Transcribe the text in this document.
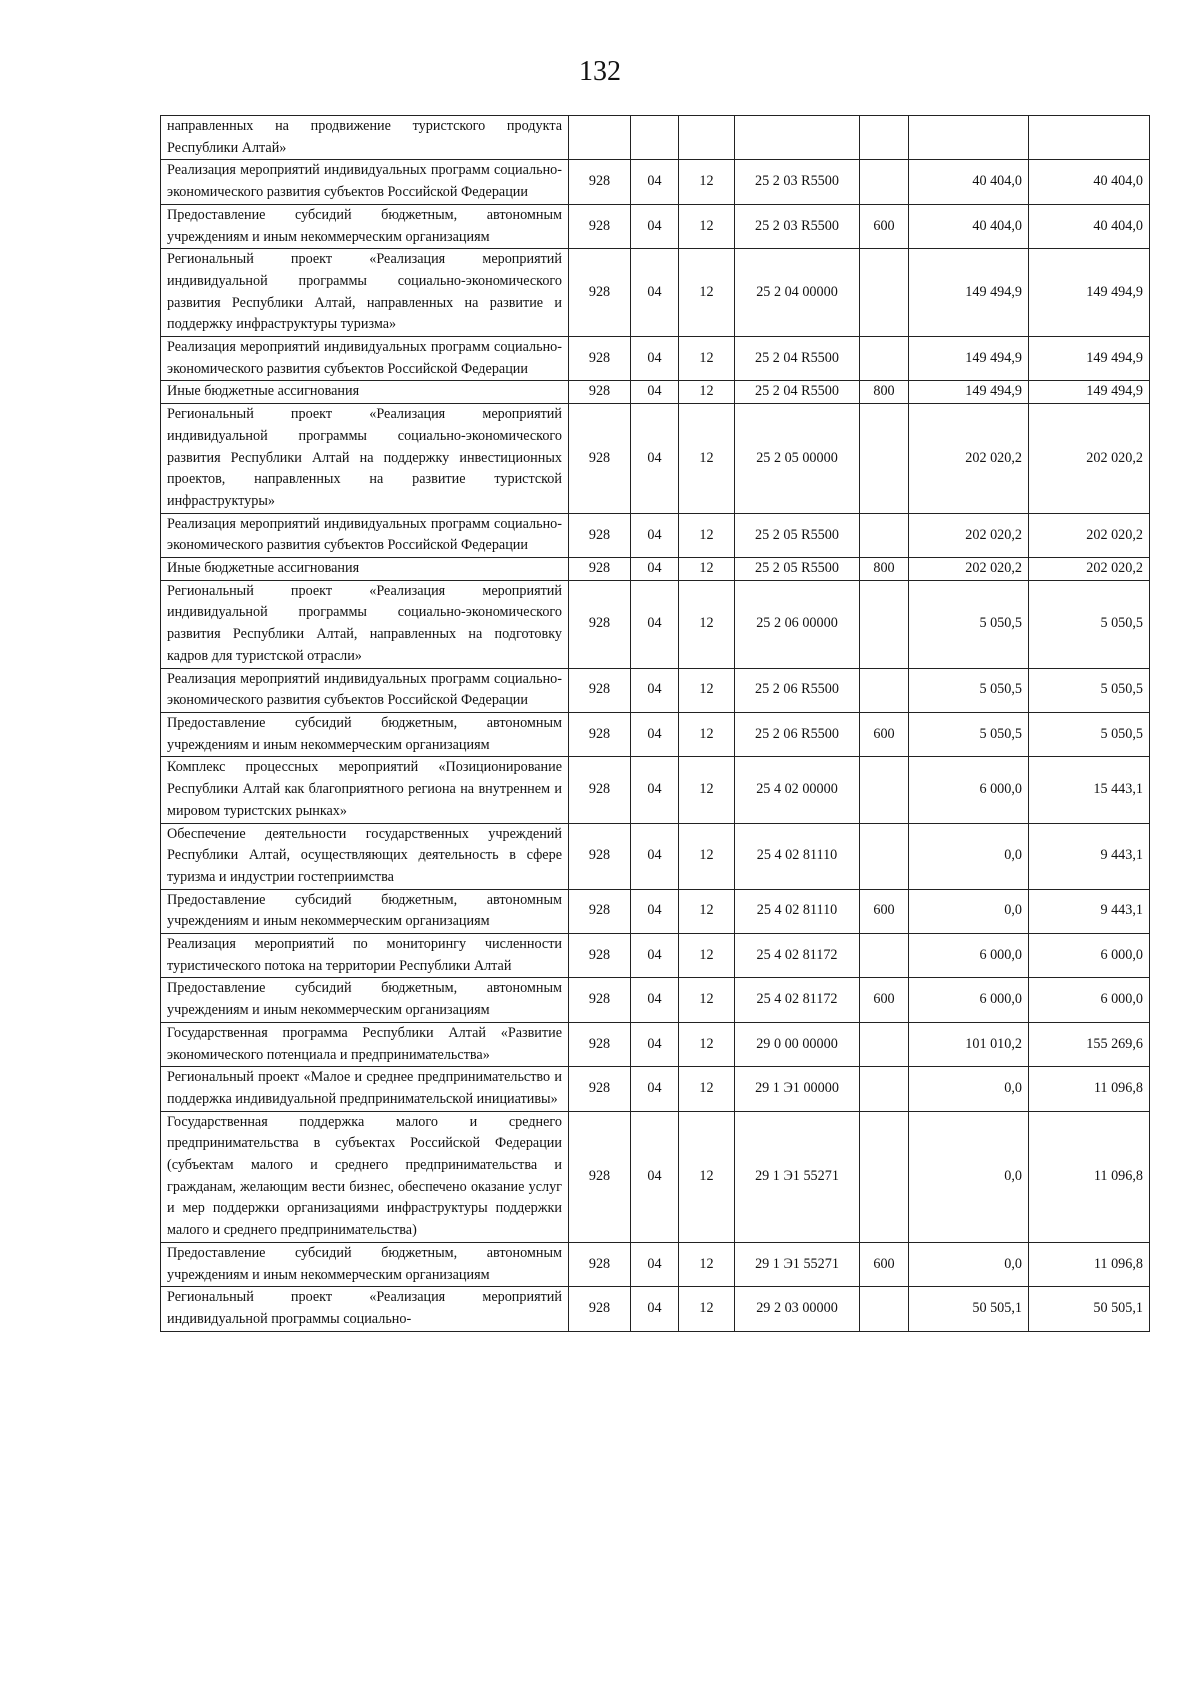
132
направленных на продвижение туристского продукта Республики Алтай»							
Реализация мероприятий индивидуальных программ социально-экономического развития субъектов Российской Федерации	928	04	12	25 2 03 R5500		40 404,0	40 404,0
Предоставление субсидий бюджетным, автономным учреждениям и иным некоммерческим организациям	928	04	12	25 2 03 R5500	600	40 404,0	40 404,0
Региональный проект «Реализация мероприятий индивидуальной программы социально-экономического развития Республики Алтай, направленных на развитие и поддержку инфраструктуры туризма»	928	04	12	25 2 04 00000		149 494,9	149 494,9
Реализация мероприятий индивидуальных программ социально-экономического развития субъектов Российской Федерации	928	04	12	25 2 04 R5500		149 494,9	149 494,9
Иные бюджетные ассигнования	928	04	12	25 2 04 R5500	800	149 494,9	149 494,9
Региональный проект «Реализация мероприятий индивидуальной программы социально-экономического развития Республики Алтай на поддержку инвестиционных проектов, направленных на развитие туристской инфраструктуры»	928	04	12	25 2 05 00000		202 020,2	202 020,2
Реализация мероприятий индивидуальных программ социально-экономического развития субъектов Российской Федерации	928	04	12	25 2 05 R5500		202 020,2	202 020,2
Иные бюджетные ассигнования	928	04	12	25 2 05 R5500	800	202 020,2	202 020,2
Региональный проект «Реализация мероприятий индивидуальной программы социально-экономического развития Республики Алтай, направленных на подготовку кадров для туристской отрасли»	928	04	12	25 2 06 00000		5 050,5	5 050,5
Реализация мероприятий индивидуальных программ социально-экономического развития субъектов Российской Федерации	928	04	12	25 2 06 R5500		5 050,5	5 050,5
Предоставление субсидий бюджетным, автономным учреждениям и иным некоммерческим организациям	928	04	12	25 2 06 R5500	600	5 050,5	5 050,5
Комплекс процессных мероприятий «Позиционирование Республики Алтай как благоприятного региона на внутреннем и мировом туристских рынках»	928	04	12	25 4 02 00000		6 000,0	15 443,1
Обеспечение деятельности государственных учреждений Республики Алтай, осуществляющих деятельность в сфере туризма и индустрии гостеприимства	928	04	12	25 4 02 81110		0,0	9 443,1
Предоставление субсидий бюджетным, автономным учреждениям и иным некоммерческим организациям	928	04	12	25 4 02 81110	600	0,0	9 443,1
Реализация мероприятий по мониторингу численности туристического потока на территории Республики Алтай	928	04	12	25 4 02 81172		6 000,0	6 000,0
Предоставление субсидий бюджетным, автономным учреждениям и иным некоммерческим организациям	928	04	12	25 4 02 81172	600	6 000,0	6 000,0
Государственная программа Республики Алтай «Развитие экономического потенциала и предпринимательства»	928	04	12	29 0 00 00000		101 010,2	155 269,6
Региональный проект «Малое и среднее предпринимательство и поддержка индивидуальной предпринимательской инициативы»	928	04	12	29 1 Э1 00000		0,0	11 096,8
Государственная поддержка малого и среднего предпринимательства в субъектах Российской Федерации (субъектам малого и среднего предпринимательства и гражданам, желающим вести бизнес, обеспечено оказание услуг и мер поддержки организациями инфраструктуры поддержки малого и среднего предпринимательства)	928	04	12	29 1 Э1 55271		0,0	11 096,8
Предоставление субсидий бюджетным, автономным учреждениям и иным некоммерческим организациям	928	04	12	29 1 Э1 55271	600	0,0	11 096,8
Региональный проект «Реализация мероприятий индивидуальной программы социально-	928	04	12	29 2 03 00000		50 505,1	50 505,1
